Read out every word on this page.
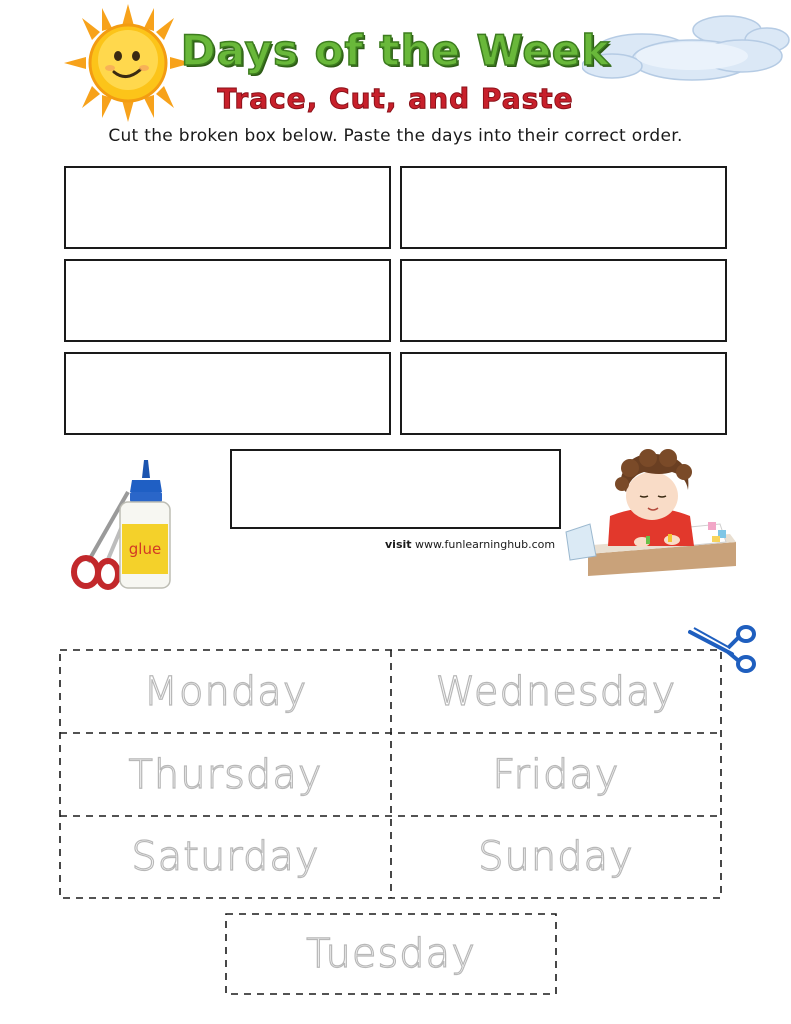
Days of the Week
Trace, Cut, and Paste
Cut the broken box below. Paste the days into their correct order.
glue	visit www.funlearninghub.com
Monday	Wednesday
Thursday	Friday
Saturday	Sunday
Tuesday
